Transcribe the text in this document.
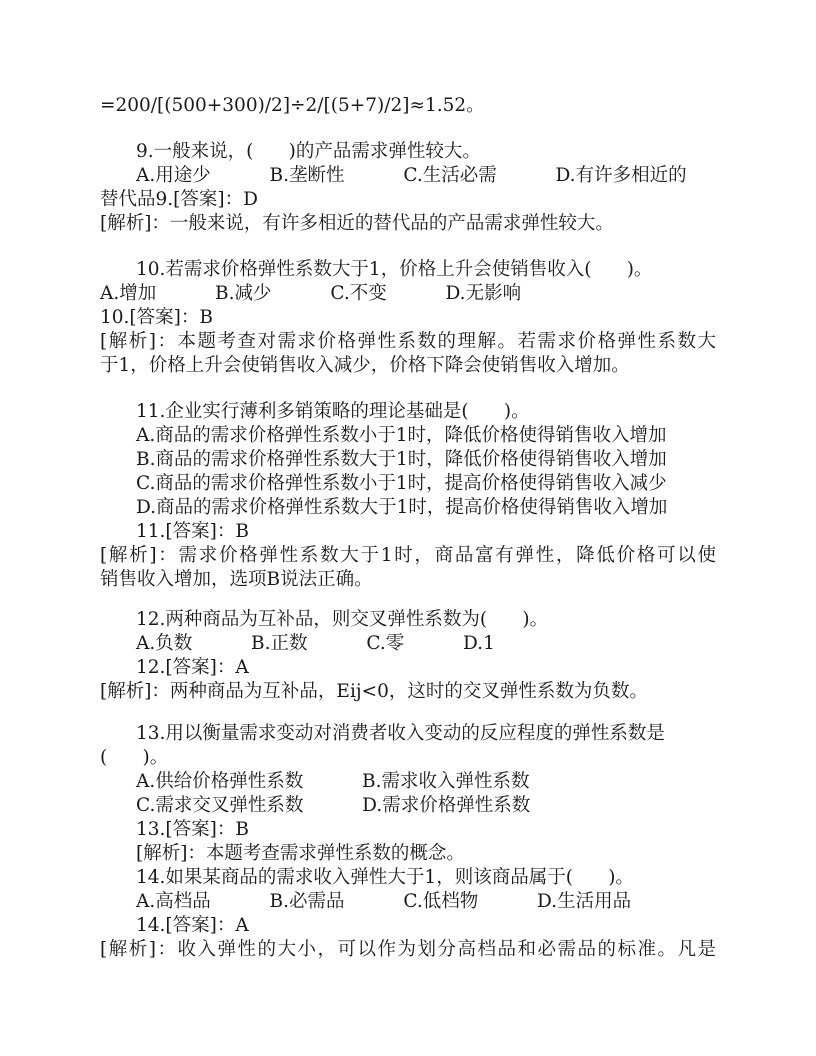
=200/[(500+300)/2]÷2/[(5+7)/2]≈1.52。
9.一般来说，(      )的产品需求弹性较大。
A.用途少          B.垄断性          C.生活必需          D.有许多相近的
替代品9.[答案]：D
[解析]：一般来说，有许多相近的替代品的产品需求弹性较大。
10.若需求价格弹性系数大于1，价格上升会使销售收入(      )。
A.增加          B.减少          C.不变          D.无影响
10.[答案]：B
[解析]：本题考查对需求价格弹性系数的理解。若需求价格弹性系数大
于1，价格上升会使销售收入减少，价格下降会使销售收入增加。
11.企业实行薄利多销策略的理论基础是(      )。
A.商品的需求价格弹性系数小于1时，降低价格使得销售收入增加
B.商品的需求价格弹性系数大于1时，降低价格使得销售收入增加
C.商品的需求价格弹性系数小于1时，提高价格使得销售收入减少
D.商品的需求价格弹性系数大于1时，提高价格使得销售收入增加
11.[答案]：B
[解析]：需求价格弹性系数大于1时，商品富有弹性，降低价格可以使
销售收入增加，选项B说法正确。
12.两种商品为互补品，则交叉弹性系数为(      )。
A.负数          B.正数          C.零          D.1
12.[答案]：A
[解析]：两种商品为互补品，Eij<0，这时的交叉弹性系数为负数。
13.用以衡量需求变动对消费者收入变动的反应程度的弹性系数是
(      )。
A.供给价格弹性系数          B.需求收入弹性系数
C.需求交叉弹性系数          D.需求价格弹性系数
13.[答案]：B
[解析]：本题考查需求弹性系数的概念。
14.如果某商品的需求收入弹性大于1，则该商品属于(      )。
A.高档品          B.必需品          C.低档物          D.生活用品
14.[答案]：A
[解析]：收入弹性的大小，可以作为划分高档品和必需品的标准。凡是
